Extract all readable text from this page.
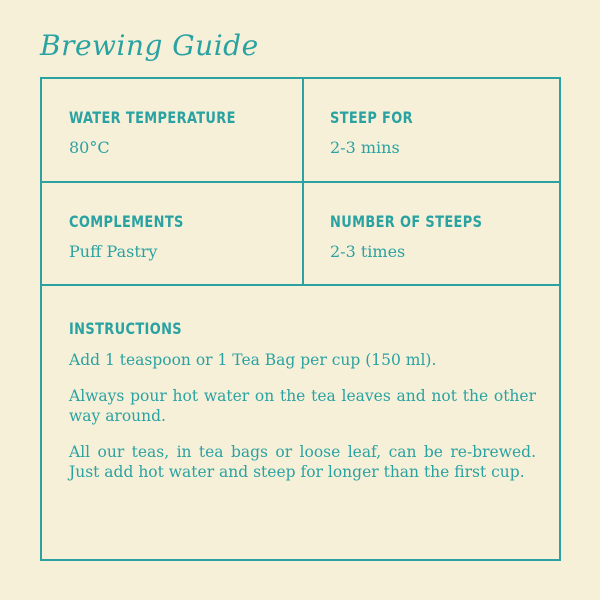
Brewing Guide

WATER TEMPERATURE

80°C

STEEP FOR

2-3 mins

COMPLEMENTS

Puff Pastry

NUMBER OF STEEPS

2-3 times

INSTRUCTIONS

Add 1 teaspoon or 1 Tea Bag per cup (150 ml).

Always pour hot water on the tea leaves and not the other way around.

All our teas, in tea bags or loose leaf, can be re-brewed. Just add hot water and steep for longer than the first cup.
